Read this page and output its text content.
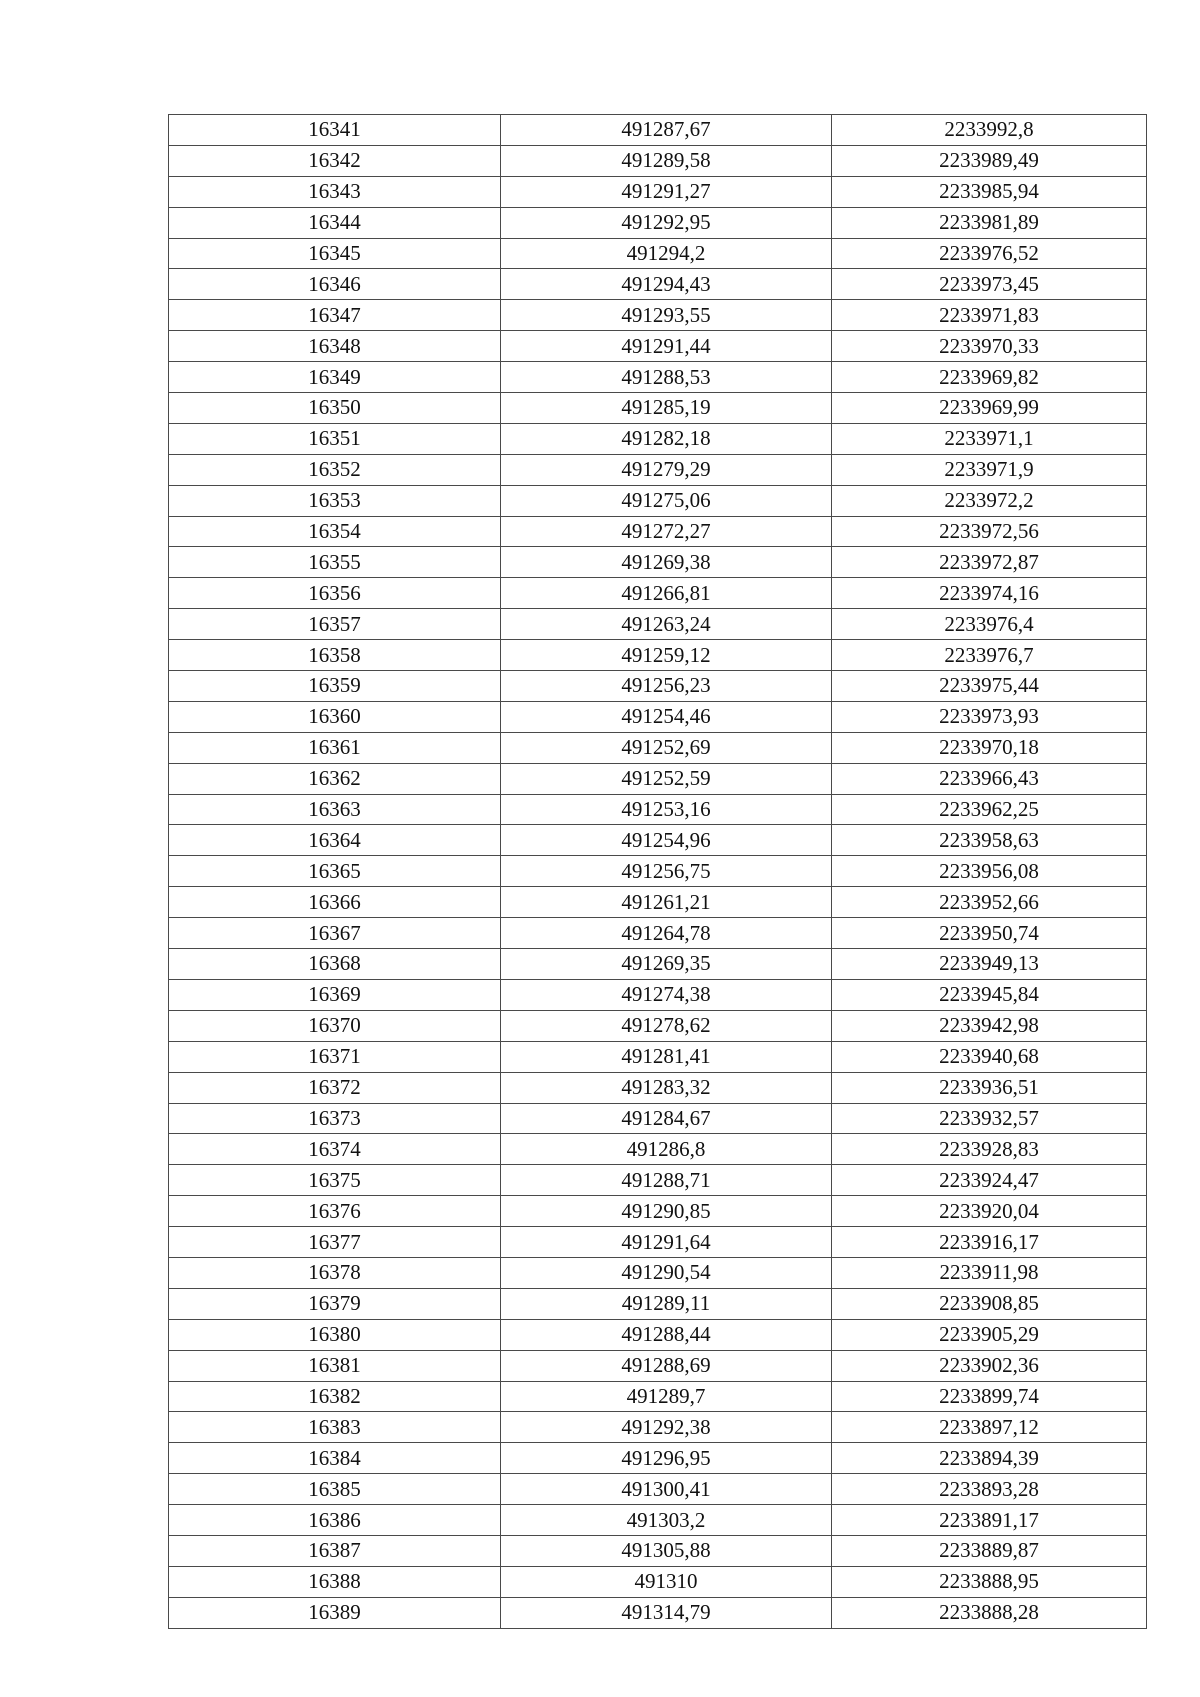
16341	491287,67	2233992,8
16342	491289,58	2233989,49
16343	491291,27	2233985,94
16344	491292,95	2233981,89
16345	491294,2	2233976,52
16346	491294,43	2233973,45
16347	491293,55	2233971,83
16348	491291,44	2233970,33
16349	491288,53	2233969,82
16350	491285,19	2233969,99
16351	491282,18	2233971,1
16352	491279,29	2233971,9
16353	491275,06	2233972,2
16354	491272,27	2233972,56
16355	491269,38	2233972,87
16356	491266,81	2233974,16
16357	491263,24	2233976,4
16358	491259,12	2233976,7
16359	491256,23	2233975,44
16360	491254,46	2233973,93
16361	491252,69	2233970,18
16362	491252,59	2233966,43
16363	491253,16	2233962,25
16364	491254,96	2233958,63
16365	491256,75	2233956,08
16366	491261,21	2233952,66
16367	491264,78	2233950,74
16368	491269,35	2233949,13
16369	491274,38	2233945,84
16370	491278,62	2233942,98
16371	491281,41	2233940,68
16372	491283,32	2233936,51
16373	491284,67	2233932,57
16374	491286,8	2233928,83
16375	491288,71	2233924,47
16376	491290,85	2233920,04
16377	491291,64	2233916,17
16378	491290,54	2233911,98
16379	491289,11	2233908,85
16380	491288,44	2233905,29
16381	491288,69	2233902,36
16382	491289,7	2233899,74
16383	491292,38	2233897,12
16384	491296,95	2233894,39
16385	491300,41	2233893,28
16386	491303,2	2233891,17
16387	491305,88	2233889,87
16388	491310	2233888,95
16389	491314,79	2233888,28
